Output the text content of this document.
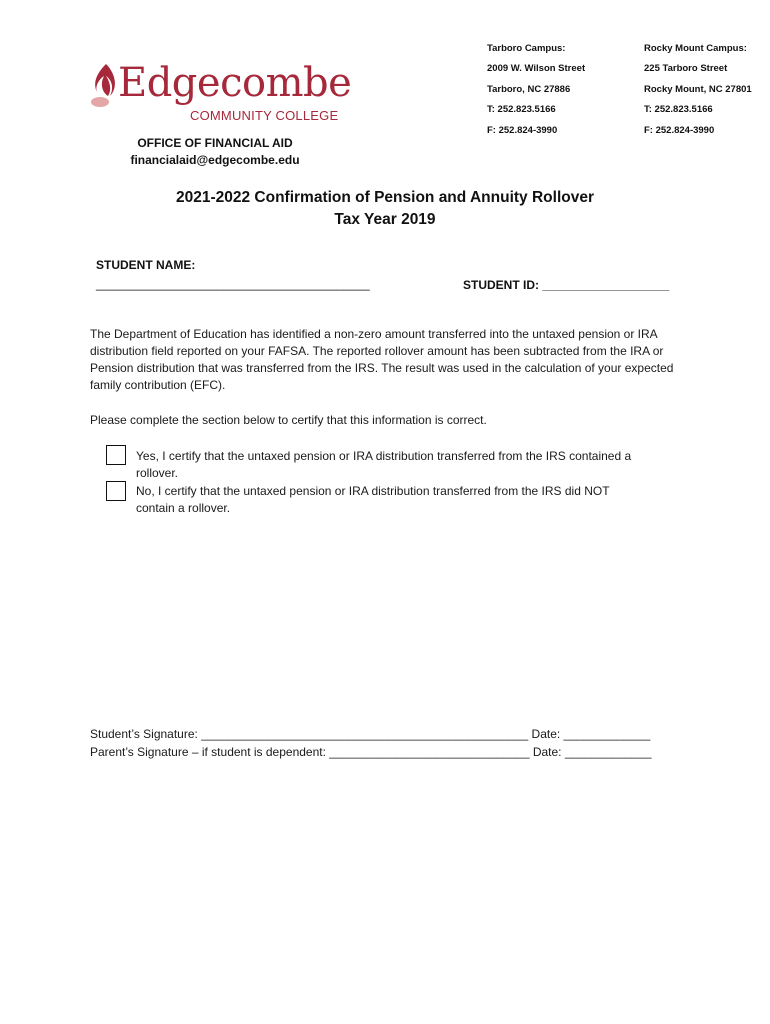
Edgecombe
COMMUNITY COLLEGE
OFFICE OF FINANCIAL AID
financialaid@edgecombe.edu
Tarboro Campus:
2009 W. Wilson Street
Tarboro, NC 27886
T: 252.823.5166
F: 252.824-3990
Rocky Mount Campus:
225 Tarboro Street
Rocky Mount, NC 27801
T: 252.823.5166
F: 252.824-3990
2021-2022 Confirmation of Pension and Annuity Rollover
Tax Year 2019
STUDENT NAME:
_________________________________________	STUDENT ID: ___________________
The Department of Education has identified a non-zero amount transferred into the untaxed pension or IRA distribution field reported on your FAFSA. The reported rollover amount has been subtracted from the IRA or Pension distribution that was transferred from the IRS. The result was used in the calculation of your expected family contribution (EFC).
Please complete the section below to certify that this information is correct.
Yes, I certify that the untaxed pension or IRA distribution transferred from the IRS contained a
rollover.
No, I certify that the untaxed pension or IRA distribution transferred from the IRS did NOT
contain a rollover.
Student’s Signature: _________________________________________________ Date: _____________
Parent’s Signature – if student is dependent: ______________________________ Date: _____________
